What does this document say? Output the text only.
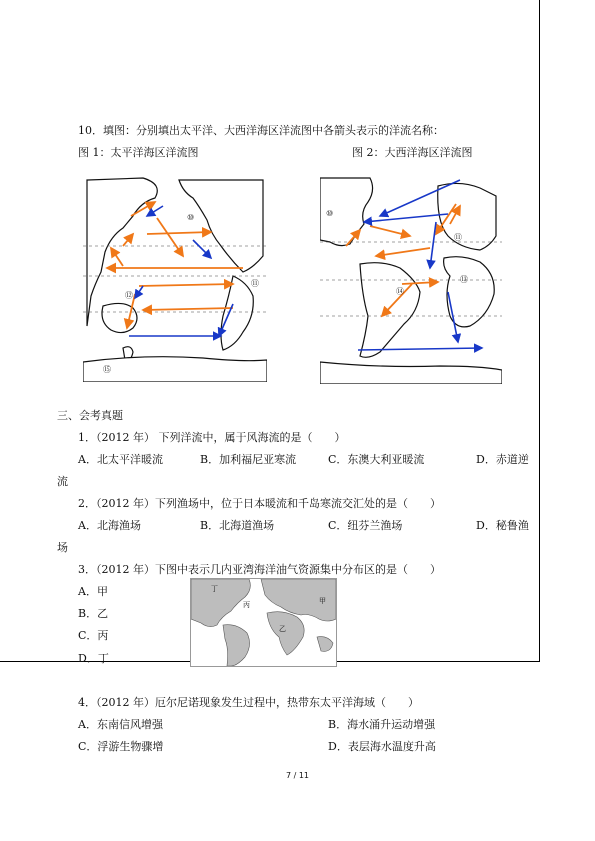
10．填图：分别填出太平洋、大西洋海区洋流图中各箭头表示的洋流名称：
图 1：太平洋海区洋流图	图 2：大西洋海区洋流图
⑩
⑪
⑫
⑮
⑩
⑪
⑬
⑭
三、会考真题
1．（2012 年） 下列洋流中，属于风海流的是（　　）
A．北太平洋暖流	B．加利福尼亚寒流	C．东澳大利亚暖流	D．赤道逆
流
2．（2012 年）下列渔场中，位于日本暖流和千岛寒流交汇处的是（　　）
A．北海渔场	B．北海道渔场	C．纽芬兰渔场	D．秘鲁渔
场
3．（2012 年）下图中表示几内亚湾海洋油气资源集中分布区的是（　　）
A．甲
B．乙
C．丙
D．丁
甲
乙
丙
丁
4．（2012 年）厄尔尼诺现象发生过程中，热带东太平洋海域（　　）
A．东南信风增强	B．海水涌升运动增强
C．浮游生物骤增	D．表层海水温度升高
7 / 11
